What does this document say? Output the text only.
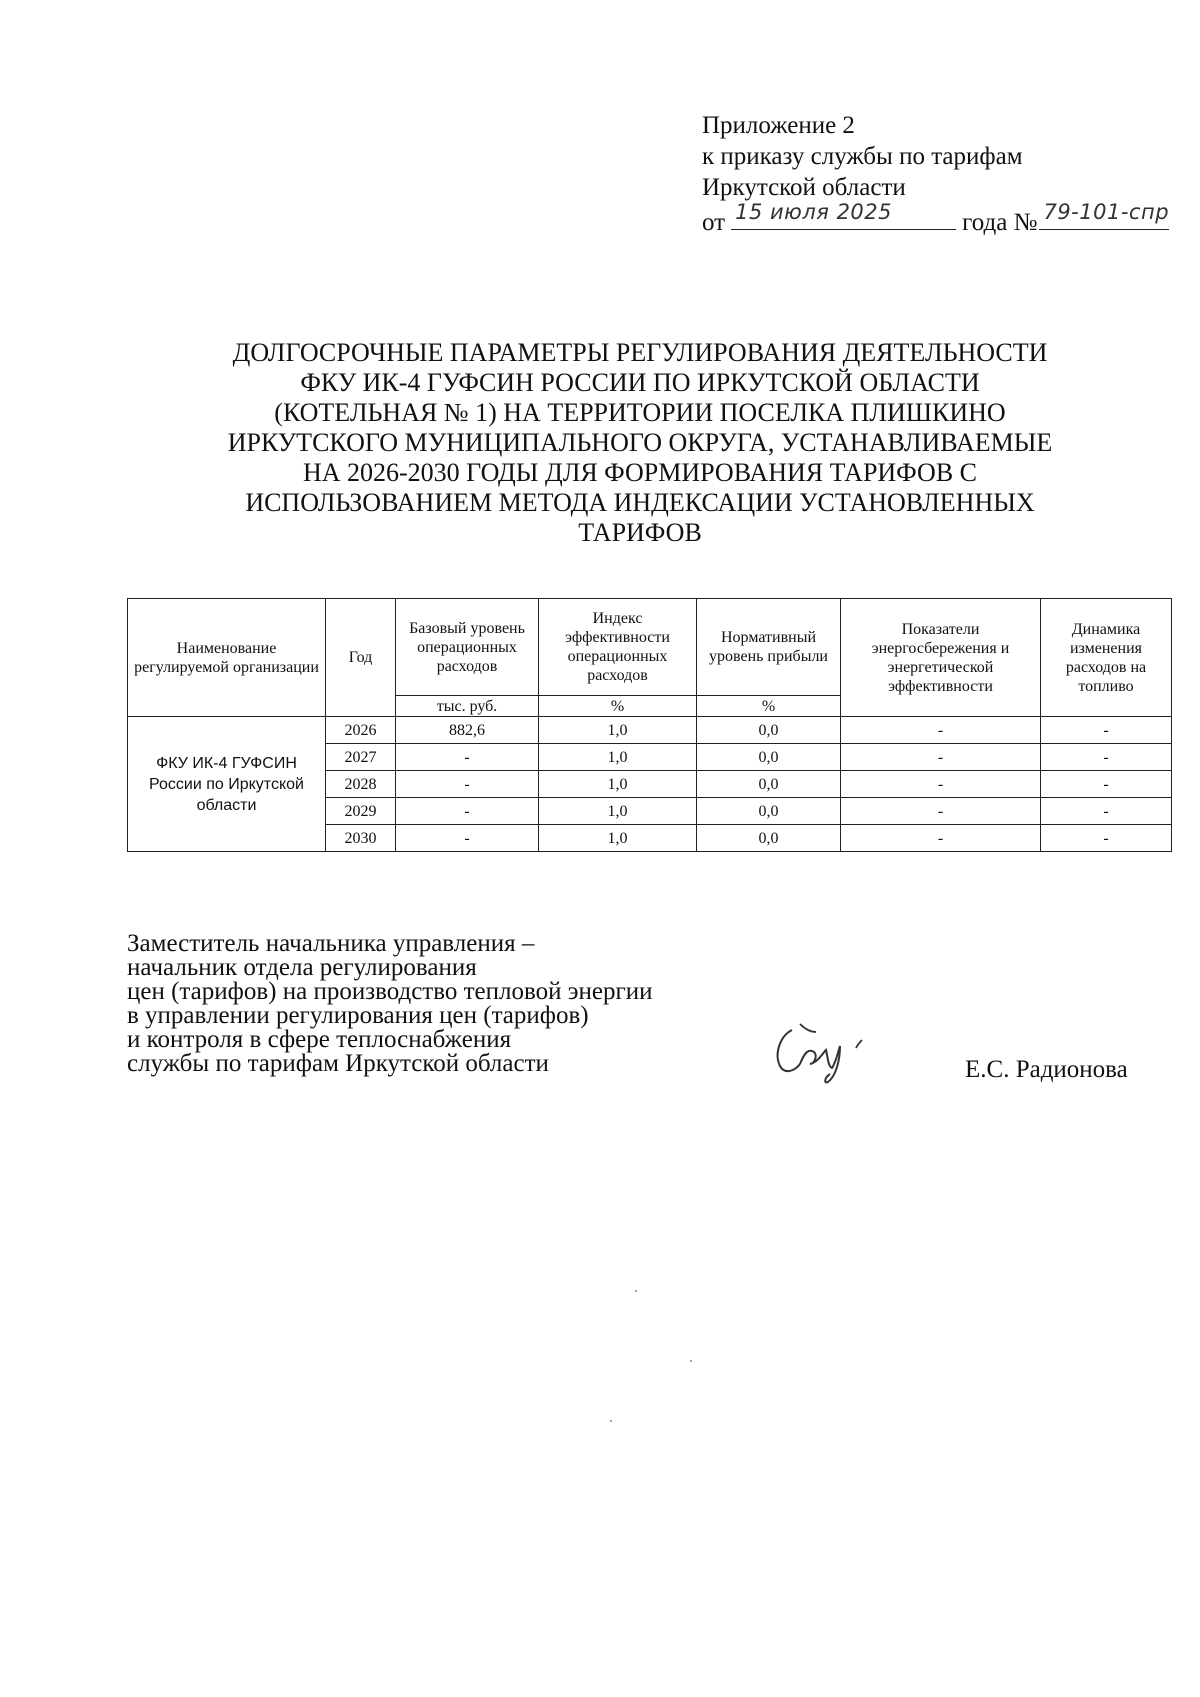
Приложение 2
к приказу службы по тарифам
Иркутской области
от 15 июля 2025	года № 79-101-спр
ДОЛГОСРОЧНЫЕ ПАРАМЕТРЫ РЕГУЛИРОВАНИЯ ДЕЯТЕЛЬНОСТИ
ФКУ ИК-4 ГУФСИН РОССИИ ПО ИРКУТСКОЙ ОБЛАСТИ
(КОТЕЛЬНАЯ № 1) НА ТЕРРИТОРИИ ПОСЕЛКА ПЛИШКИНО
ИРКУТСКОГО МУНИЦИПАЛЬНОГО ОКРУГА, УСТАНАВЛИВАЕМЫЕ
НА 2026-2030 ГОДЫ ДЛЯ ФОРМИРОВАНИЯ ТАРИФОВ С
ИСПОЛЬЗОВАНИЕМ МЕТОДА ИНДЕКСАЦИИ УСТАНОВЛЕННЫХ
ТАРИФОВ
Наименование регулируемой организации	Год	Базовый уровень операционных расходов	Индекс эффективности операционных расходов	Нормативный уровень прибыли	Показатели энергосбережения и энергетической эффективности	Динамика изменения расходов на топливо
		тыс. руб.	%	%		
ФКУ ИК-4 ГУФСИН России по Иркутской области	2026	882,6	1,0	0,0	-	-
	2027	-	1,0	0,0	-	-
	2028	-	1,0	0,0	-	-
	2029	-	1,0	0,0	-	-
	2030	-	1,0	0,0	-	-
Заместитель начальника управления –
начальник отдела регулирования
цен (тарифов) на производство тепловой энергии
в управлении регулирования цен (тарифов)
и контроля в сфере теплоснабжения
службы по тарифам Иркутской области	Е.С. Радионова
